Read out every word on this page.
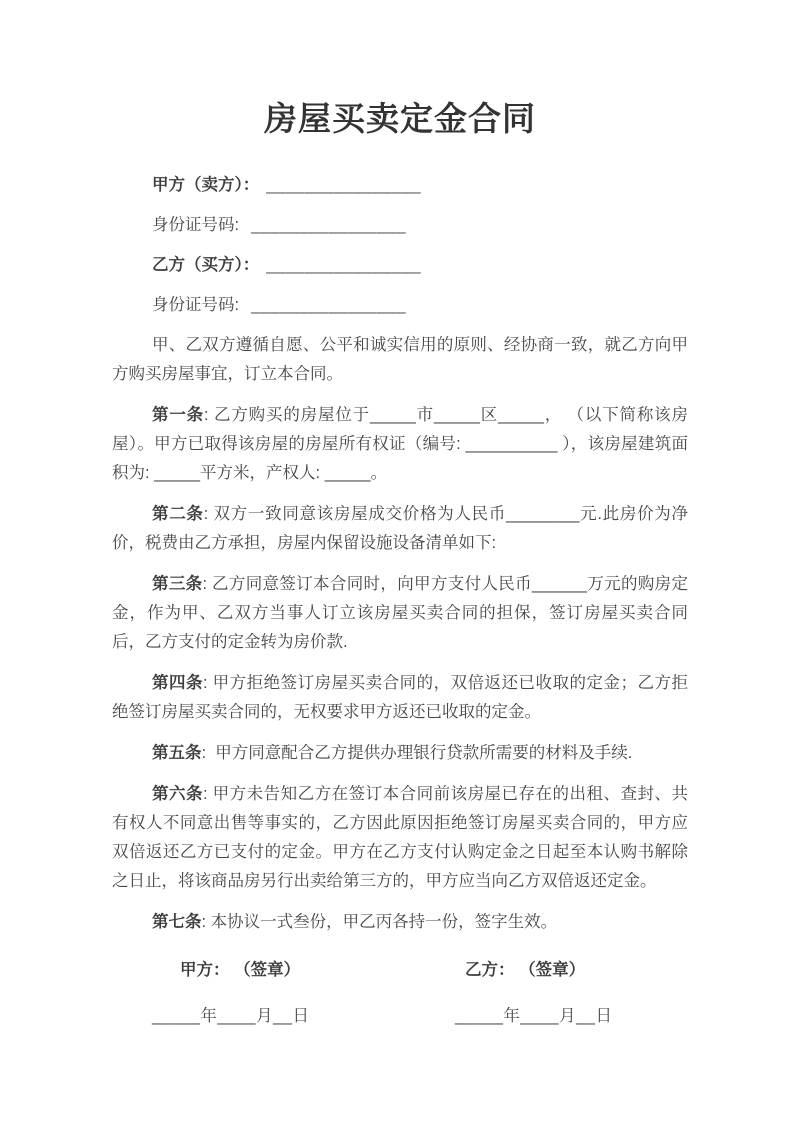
房屋买卖定金合同

甲方（卖方）： ________________

身份证号码: ________________

乙方（买方）： ________________

身份证号码: ________________

甲、乙双方遵循自愿、公平和诚实信用的原则、经协商一致，就乙方向甲方购买房屋事宜，订立本合同。

第一条: 乙方购买的房屋位于_____市_____区_____， （以下简称该房屋）。甲方已取得该房屋的房屋所有权证（编号: __________ ），该房屋建筑面积为: _____平方米，产权人: _____。

第二条: 双方一致同意该房屋成交价格为人民币________元.此房价为净价，税费由乙方承担，房屋内保留设施设备清单如下:

第三条: 乙方同意签订本合同时，向甲方支付人民币______万元的购房定金，作为甲、乙双方当事人订立该房屋买卖合同的担保，签订房屋买卖合同后，乙方支付的定金转为房价款.

第四条: 甲方拒绝签订房屋买卖合同的，双倍返还已收取的定金；乙方拒绝签订房屋买卖合同的，无权要求甲方返还已收取的定金。

第五条:  甲方同意配合乙方提供办理银行贷款所需要的材料及手续.

第六条: 甲方未告知乙方在签订本合同前该房屋已存在的出租、查封、共有权人不同意出售等事实的，乙方因此原因拒绝签订房屋买卖合同的，甲方应双倍返还乙方已支付的定金。甲方在乙方支付认购定金之日起至本认购书解除之日止，将该商品房另行出卖给第三方的，甲方应当向乙方双倍返还定金。

第七条: 本协议一式叁份，甲乙丙各持一份，签字生效。

甲方： （签章）	乙方： （签章）
_____年____月__日	_____年____月__日
